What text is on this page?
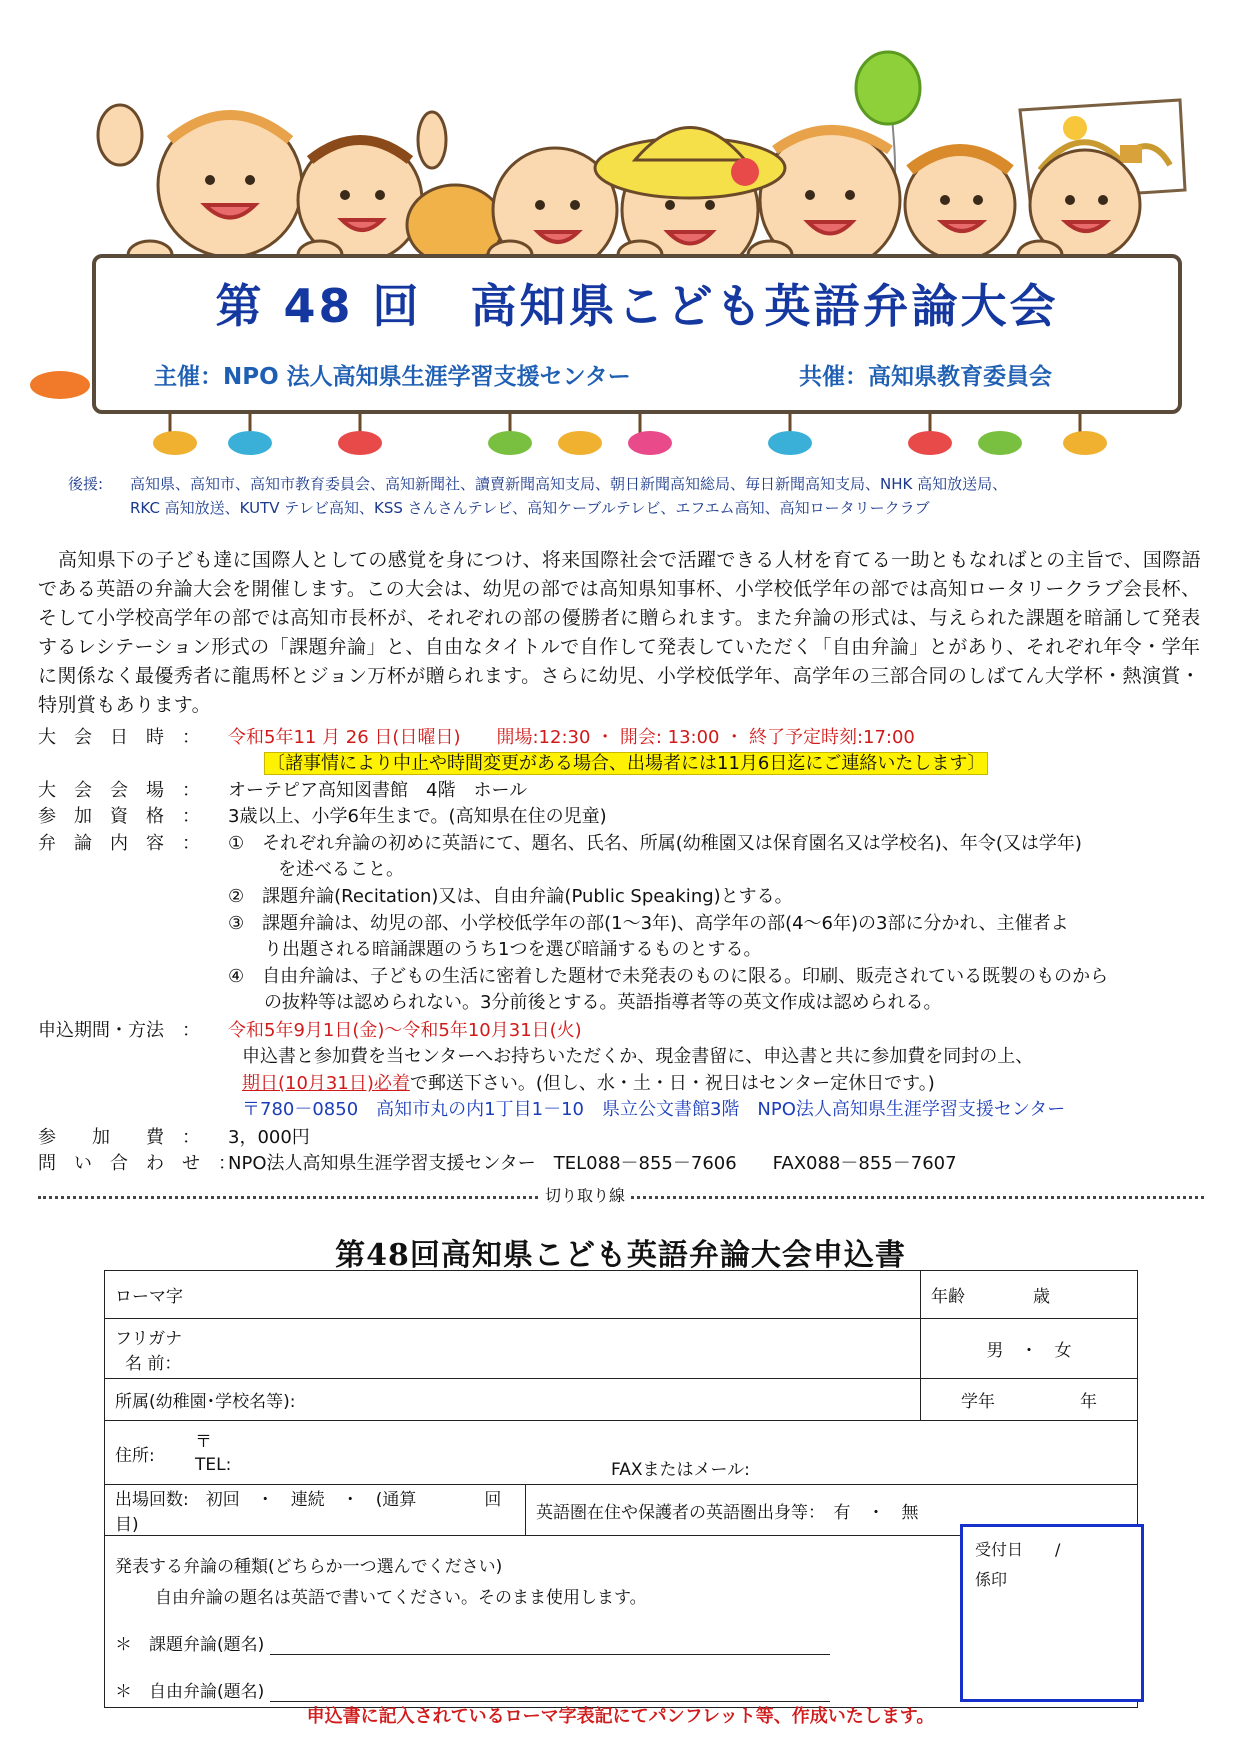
第 48 回　高知県こども英語弁論大会
主催：NPO 法人高知県生涯学習支援センター	共催：高知県教育委員会
後援: 高知県、高知市、高知市教育委員会、高知新聞社、讀賣新聞高知支局、朝日新聞高知総局、毎日新聞高知支局、NHK 高知放送局、
RKC 高知放送、KUTV テレビ高知、KSS さんさんテレビ、高知ケーブルテレビ、エフエム高知、高知ロータリークラブ
高知県下の子ども達に国際人としての感覚を身につけ、将来国際社会で活躍できる人材を育てる一助ともなればとの主旨で、国際語である英語の弁論大会を開催します。この大会は、幼児の部では高知県知事杯、小学校低学年の部では高知ロータリークラブ会長杯、そして小学校高学年の部では高知市長杯が、それぞれの部の優勝者に贈られます。また弁論の形式は、与えられた課題を暗誦して発表するレシテーション形式の「課題弁論」と、自由なタイトルで自作して発表していただく「自由弁論」とがあり、それぞれ年令・学年に関係なく最優秀者に龍馬杯とジョン万杯が贈られます。さらに幼児、小学校低学年、高学年の三部合同のしばてん大学杯・熱演賞・特別賞もあります。
大　会　日　時　： 令和5年11 月 26 日(日曜日)　　開場:12:30 ・ 開会: 13:00 ・ 終了予定時刻:17:00
〔諸事情により中止や時間変更がある場合、出場者には11月6日迄にご連絡いたします〕
大　会　会　場　： オーテピア高知図書館　4階　ホール
参　加　資　格　： 3歳以上、小学6年生まで。(高知県在住の児童)
弁　論　内　容　： ①　それぞれ弁論の初めに英語にて、題名、氏名、所属(幼稚園又は保育園名又は学校名)、年令(又は学年)
を述べること。
②　課題弁論(Recitation)又は、自由弁論(Public Speaking)とする。
③　課題弁論は、幼児の部、小学校低学年の部(1～3年)、高学年の部(4～6年)の3部に分かれ、主催者よ
り出題される暗誦課題のうち1つを選び暗誦するものとする。
④　自由弁論は、子どもの生活に密着した題材で未発表のものに限る。印刷、販売されている既製のものから
の抜粋等は認められない。3分前後とする。英語指導者等の英文作成は認められる。
申込期間・方法　： 令和5年9月1日(金)～令和5年10月31日(火)
申込書と参加費を当センターへお持ちいただくか、現金書留に、申込書と共に参加費を同封の上、
期日(10月31日)必着で郵送下さい。(但し、水・土・日・祝日はセンター定休日です。)
〒780－0850　高知市丸の内1丁目1－10　県立公文書館3階　NPO法人高知県生涯学習支援センター
参　　加　　費　： 3，000円
問　い　合　わ　せ　：NPO法人高知県生涯学習支援センター　TEL088－855－7606　　FAX088－855－7607
切り取り線
第48回高知県こども英語弁論大会申込書
ローマ字		年齢　　　　歳

フリガナ
名 前：		男　・　女
所属(幼稚園･学校名等):		学年　　　　　年

住所:
〒
TEL: FAXまたはメール:		

出場回数:　初回　・　連続　・　(通算　　　　回目)	英語圏在住や保護者の英語圏出身等：　有　・　無	

発表する弁論の種類(どちらか一つ選んでください)
自由弁論の題名は英語で書いてください。そのまま使用します。
＊　課題弁論(題名)
＊　自由弁論(題名)		
受付日　　/
係印
申込書に記入されているローマ字表記にてパンフレット等、作成いたします。
